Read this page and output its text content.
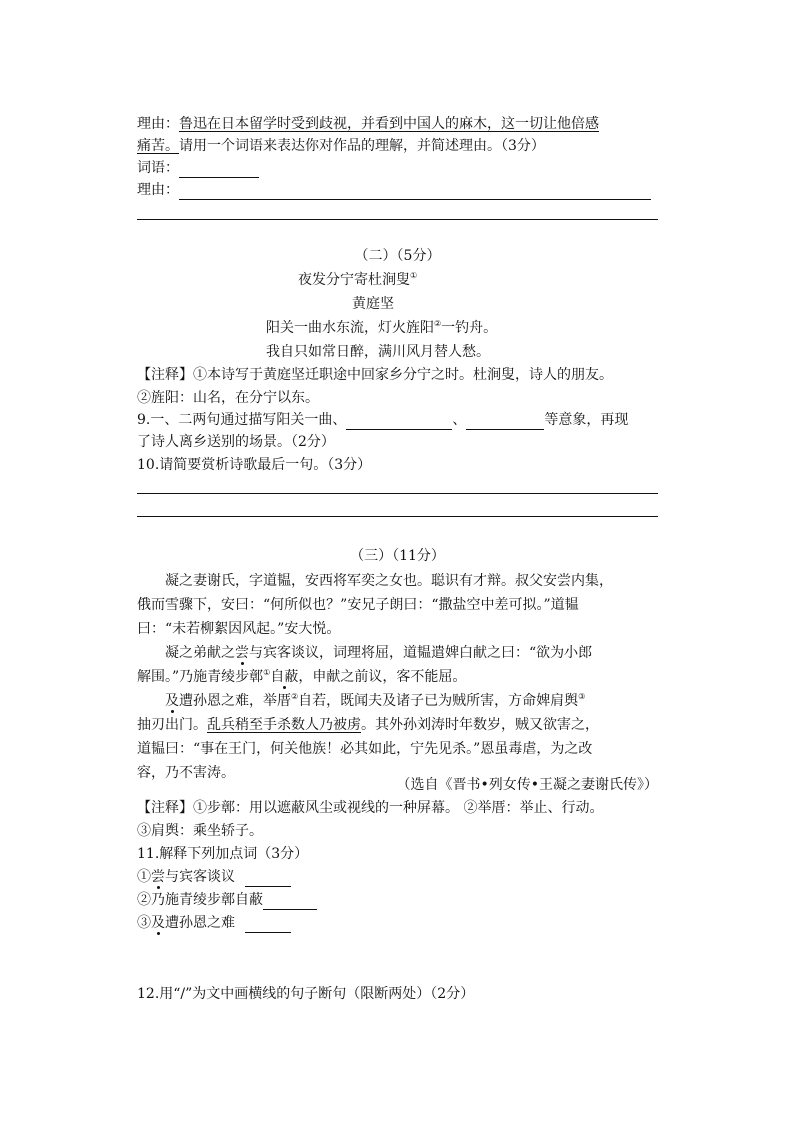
理由：鲁迅在日本留学时受到歧视，并看到中国人的麻木，这一切让他倍感
痛苦。请用一个词语来表达你对作品的理解，并简述理由。（3分）
词语：
理由：
（二）（5分）
夜发分宁寄杜涧叟①
黄庭坚
阳关一曲水东流，灯火旌阳②一钓舟。
我自只如常日醉，满川风月替人愁。
【注释】①本诗写于黄庭坚迁职途中回家乡分宁之时。杜涧叟，诗人的朋友。
②旌阳：山名，在分宁以东。
9.一、二两句通过描写阳关一曲、	、	等意象，再现
了诗人离乡送别的场景。（2分）
10.请简要赏析诗歌最后一句。（3分）
（三）（11分）
凝之妻谢氏，字道韫，安西将军奕之女也。聪识有才辩。叔父安尝内集，
俄而雪骤下，安曰：“何所似也？”安兄子朗曰：“撒盐空中差可拟。”道韫
曰：“未若柳絮因风起。”安大悦。
凝之弟献之尝与宾客谈议，词理将屈，道韫遣婢白献之曰：“欲为小郎
解围。”乃施青绫步鄣①自蔽，申献之前议，客不能屈。
及遭孙恩之难，举厝②自若，既闻夫及诸子已为贼所害，方命婢肩舆③
抽刃出门。乱兵稍至手杀数人乃被虏。其外孙刘涛时年数岁，贼又欲害之，
道韫曰：“事在王门，何关他族！必其如此，宁先见杀。”恩虽毒虐，为之改
容，乃不害涛。
（选自《晋书•列女传•王凝之妻谢氏传》）
【注释】①步鄣：用以遮蔽风尘或视线的一种屏幕。 ②举厝：举止、行动。
③肩舆：乘坐轿子。
11.解释下列加点词（3分）
①尝与宾客谈议
②乃施青绫步鄣自蔽
③及遭孙恩之难
12.用“/”为文中画横线的句子断句（限断两处）（2分）
